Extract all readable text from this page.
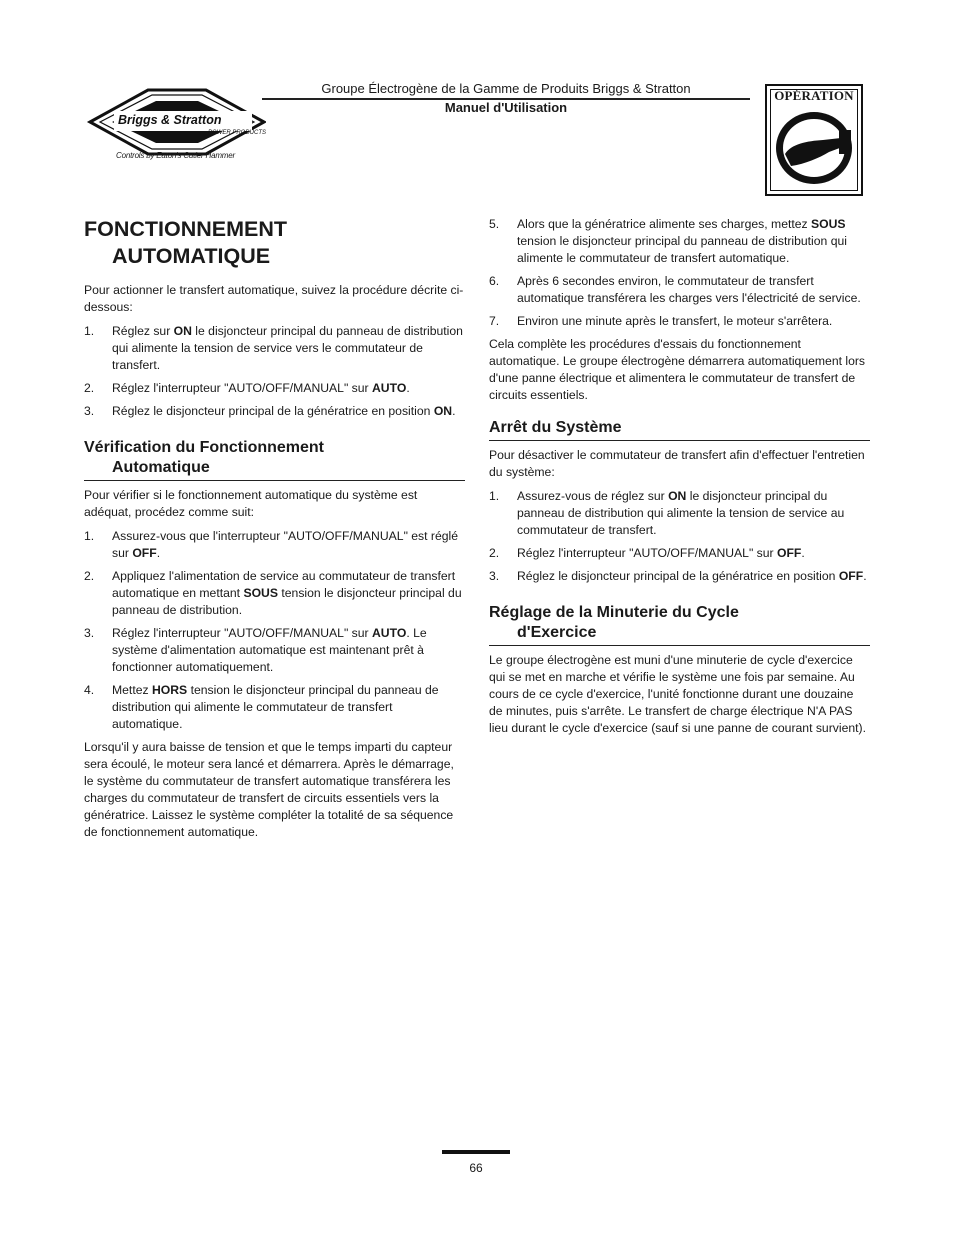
Groupe Électrogène de la Gamme de Produits Briggs & Stratton
Manuel d'Utilisation
Briggs & Stratton
POWER PRODUCTS
Controls by Eaton's Cutler Hammer
OPÉRATION
FONCTIONNEMENT
AUTOMATIQUE

Pour actionner le transfert automatique, suivez la procédure décrite ci-dessous:

1. Réglez sur ON le disjoncteur principal du panneau de distribution qui alimente la tension de service vers le commutateur de transfert.
2. Réglez l'interrupteur "AUTO/OFF/MANUAL" sur AUTO.
3. Réglez le disjoncteur principal de la génératrice en position ON.
Vérification du Fonctionnement
Automatique

Pour vérifier si le fonctionnement automatique du système est adéquat, procédez comme suit:

1. Assurez-vous que l'interrupteur "AUTO/OFF/MANUAL" est réglé sur OFF.
2. Appliquez l'alimentation de service au commutateur de transfert automatique en mettant SOUS tension le disjoncteur principal du panneau de distribution.
3. Réglez l'interrupteur "AUTO/OFF/MANUAL" sur AUTO. Le système d'alimentation automatique est maintenant prêt à fonctionner automatiquement.
4. Mettez HORS tension le disjoncteur principal du panneau de distribution qui alimente le commutateur de transfert automatique.

Lorsqu'il y aura baisse de tension et que le temps imparti du capteur sera écoulé, le moteur sera lancé et démarrera. Après le démarrage, le système du commutateur de transfert automatique transférera les charges du commutateur de transfert de circuits essentiels vers la génératrice. Laissez le système compléter la totalité de sa séquence de fonctionnement automatique.

5. Alors que la génératrice alimente ses charges, mettez SOUS tension le disjoncteur principal du panneau de distribution qui alimente le commutateur de transfert automatique.
6. Après 6 secondes environ, le commutateur de transfert automatique transférera les charges vers l'électricité de service.
7. Environ une minute après le transfert, le moteur s'arrêtera.

Cela complète les procédures d'essais du fonctionnement automatique. Le groupe électrogène démarrera automatiquement lors d'une panne électrique et alimentera le commutateur de transfert de circuits essentiels.

Arrêt du Système

Pour désactiver le commutateur de transfert afin d'effectuer l'entretien du système:

1. Assurez-vous de réglez sur ON le disjoncteur principal du panneau de distribution qui alimente la tension de service au commutateur de transfert.
2. Réglez l'interrupteur "AUTO/OFF/MANUAL" sur OFF.
3. Réglez le disjoncteur principal de la génératrice en position OFF.
Réglage de la Minuterie du Cycle
d'Exercice

Le groupe électrogène est muni d'une minuterie de cycle d'exercice qui se met en marche et vérifie le système une fois par semaine. Au cours de ce cycle d'exercice, l'unité fonctionne durant une douzaine de minutes, puis s'arrête. Le transfert de charge électrique N'A PAS lieu durant le cycle d'exercice (sauf si une panne de courant survient).

66
